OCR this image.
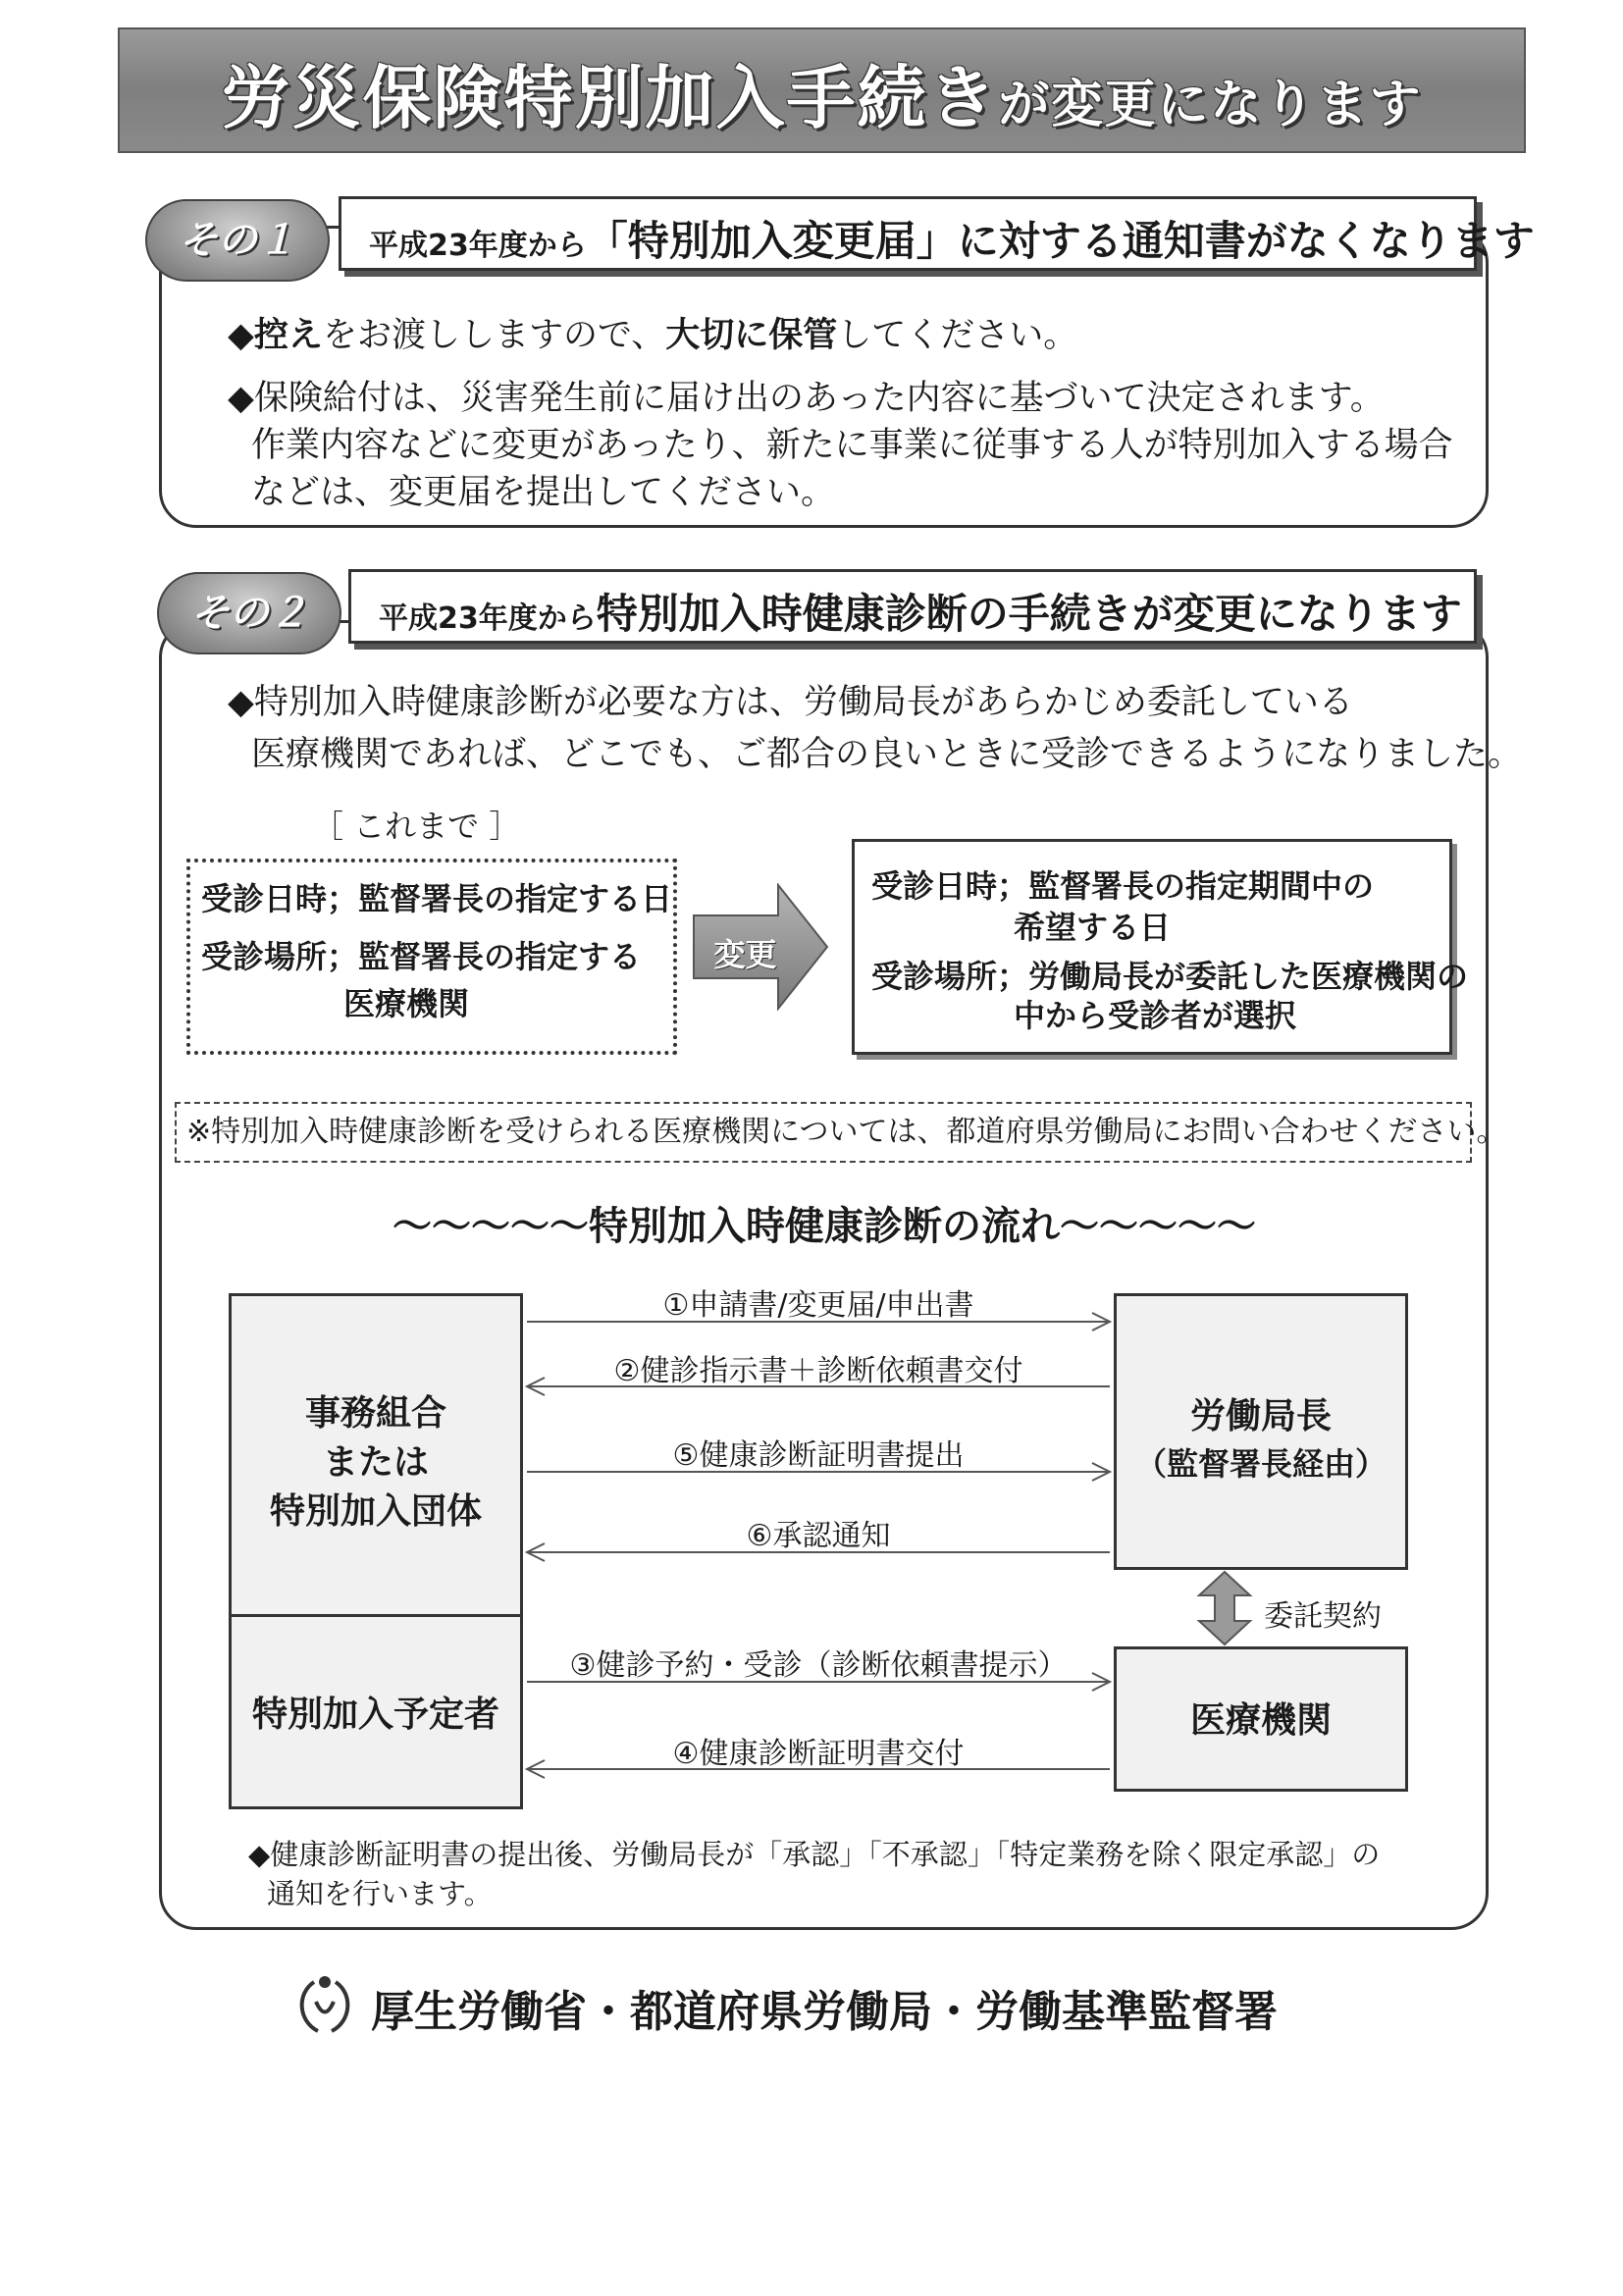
労災保険特別加入手続きが変更になります
その１	平成23年度から「特別加入変更届」に対する通知書がなくなります
◆控えをお渡ししますので、大切に保管してください。
◆保険給付は、災害発生前に届け出のあった内容に基づいて決定されます。
作業内容などに変更があったり、新たに事業に従事する人が特別加入する場合
などは、変更届を提出してください。
その２	平成23年度から特別加入時健康診断の手続きが変更になります
◆特別加入時健康診断が必要な方は、労働局長があらかじめ委託している
医療機関であれば、どこでも、ご都合の良いときに受診できるようになりました。
［ これまで ］
受診日時；監督署長の指定する日
受診場所；監督署長の指定する
医療機関
変更
受診日時；監督署長の指定期間中の
希望する日
受診場所；労働局長が委託した医療機関の
中から受診者が選択
※特別加入時健康診断を受けられる医療機関については、都道府県労働局にお問い合わせください。
～～～～～特別加入時健康診断の流れ～～～～～
事務組合
または
特別加入団体
特別加入予定者
労働局長
（監督署長経由）
医療機関
委託契約
①申請書/変更届/申出書
②健診指示書＋診断依頼書交付
⑤健康診断証明書提出
⑥承認通知
③健診予約・受診（診断依頼書提示）
④健康診断証明書交付
◆健康診断証明書の提出後、労働局長が「承認」「不承認」「特定業務を除く限定承認」の
通知を行います。
厚生労働省・都道府県労働局・労働基準監督署
